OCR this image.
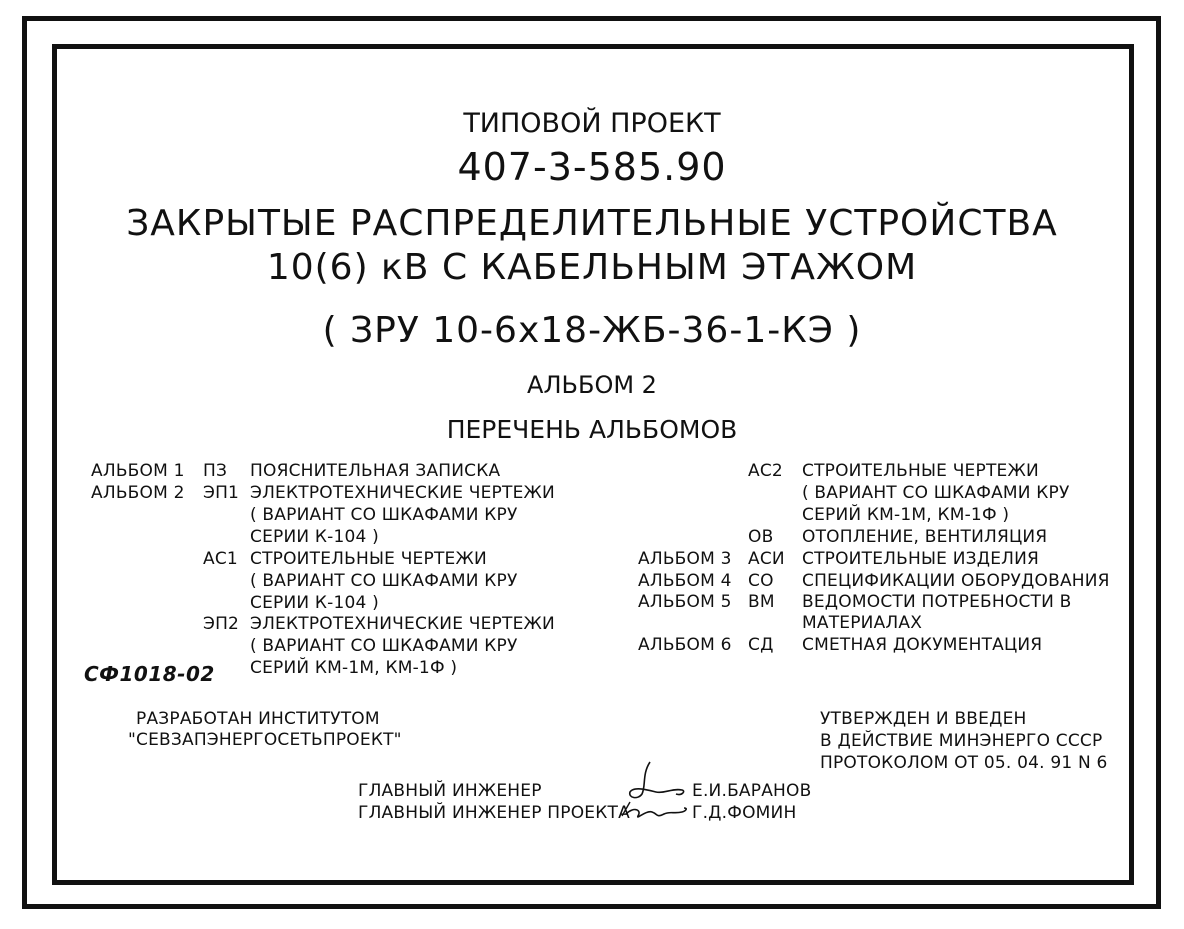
ТИПОВОЙ ПРОЕКТ
407-3-585.90
ЗАКРЫТЫЕ РАСПРЕДЕЛИТЕЛЬНЫЕ УСТРОЙСТВА
10(6) кВ С КАБЕЛЬНЫМ ЭТАЖОМ
( ЗРУ 10-6х18-ЖБ-36-1-КЭ )
АЛЬБОМ 2
ПЕРЕЧЕНЬ АЛЬБОМОВ
АЛЬБОМ 1 ПЗ ПОЯСНИТЕЛЬНАЯ ЗАПИСКА
АЛЬБОМ 2 ЭП1 ЭЛЕКТРОТЕХНИЧЕСКИЕ ЧЕРТЕЖИ
( ВАРИАНТ СО ШКАФАМИ КРУ
СЕРИИ К-104 )
АС1 СТРОИТЕЛЬНЫЕ ЧЕРТЕЖИ
( ВАРИАНТ СО ШКАФАМИ КРУ
СЕРИИ К-104 )
ЭП2 ЭЛЕКТРОТЕХНИЧЕСКИЕ ЧЕРТЕЖИ
( ВАРИАНТ СО ШКАФАМИ КРУ
СЕРИЙ КМ-1М, КМ-1Ф )
АС2 СТРОИТЕЛЬНЫЕ ЧЕРТЕЖИ
( ВАРИАНТ СО ШКАФАМИ КРУ
СЕРИЙ КМ-1М, КМ-1Ф )
ОВ ОТОПЛЕНИЕ, ВЕНТИЛЯЦИЯ
АЛЬБОМ 3 АСИ СТРОИТЕЛЬНЫЕ ИЗДЕЛИЯ
АЛЬБОМ 4 СО СПЕЦИФИКАЦИИ ОБОРУДОВАНИЯ
АЛЬБОМ 5 ВМ ВЕДОМОСТИ ПОТРЕБНОСТИ В
МАТЕРИАЛАХ
АЛЬБОМ 6 СД СМЕТНАЯ ДОКУМЕНТАЦИЯ
СФ1018-02
РАЗРАБОТАН ИНСТИТУТОМ
"СЕВЗАПЭНЕРГОСЕТЬПРОЕКТ"
УТВЕРЖДЕН И ВВЕДЕН
В ДЕЙСТВИЕ МИНЭНЕРГО СССР
ПРОТОКОЛОМ ОТ 05. 04. 91 N 6
ГЛАВНЫЙ ИНЖЕНЕР	Е.И.БАРАНОВ
ГЛАВНЫЙ ИНЖЕНЕР ПРОЕКТА	Г.Д.ФОМИН
